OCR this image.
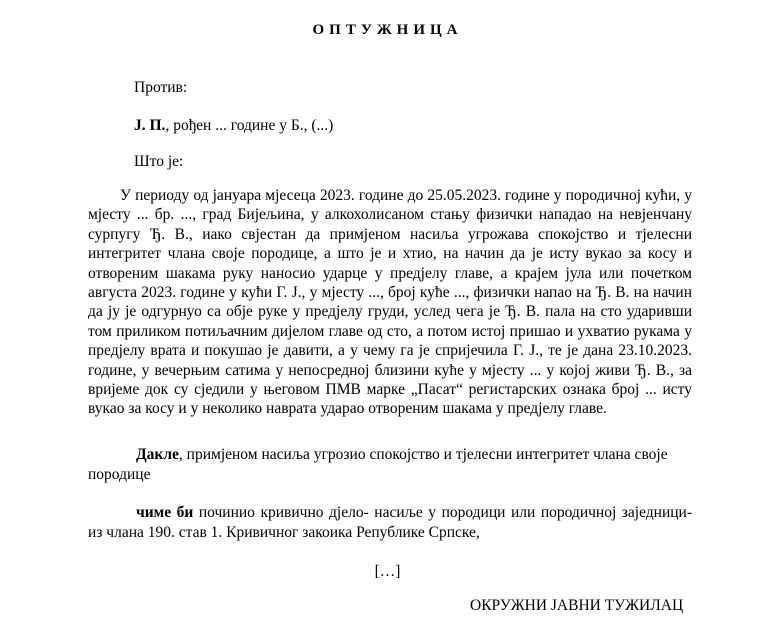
ОПТУЖНИЦА
Против:
Ј. П., рођен ... године у Б., (...)
Што је:
У периоду од јануара мјесеца 2023. године до 25.05.2023. године у породичној кући, у мјесту ... бр. ..., град Бијељина, у алкохолисаном стању физички нападао на невјенчану сурпугу Ђ. В., иако свјестан да примјеном насиља угрожава спокојство и тјелесни интегритет члана своје породице, а што је и хтио, на начин да је исту вукао за косу и отвореним шакама руку наносио ударце у предјелу главе, а крајем јула или почетком августа 2023. године у кући Г. Ј., у мјесту ..., број куће ..., физички напао на Ђ. В. на начин да ју је одгурнуо са обје руке у предјелу груди, услед чега је Ђ. В. пала на сто ударивши том приликом потиљачним дијелом главе од сто, а потом истој пришао и ухватио рукама у предјелу врата и покушао је давити, а у чему га је спријечила Г. Ј., те је дана 23.10.2023. године, у вечерњим сатима у непосредној близини куће у мјесту ... у којој живи Ђ. В., за вријеме док су сједили у његовом ПМВ марке „Пасат“ регистарских ознака број ... исту вукао за косу и у неколико наврата ударао отвореним шакама у предјелу главе.
Дакле, примјеном насиља угрозио спокојство и тјелесни интегритет члана своје породице
чиме би починио кривично дјело- насиље у породици или породичној заједници- из члана 190. став 1. Кривичног закоика Републике Српске,
[…]
ОКРУЖНИ ЈАВНИ ТУЖИЛАЦ
